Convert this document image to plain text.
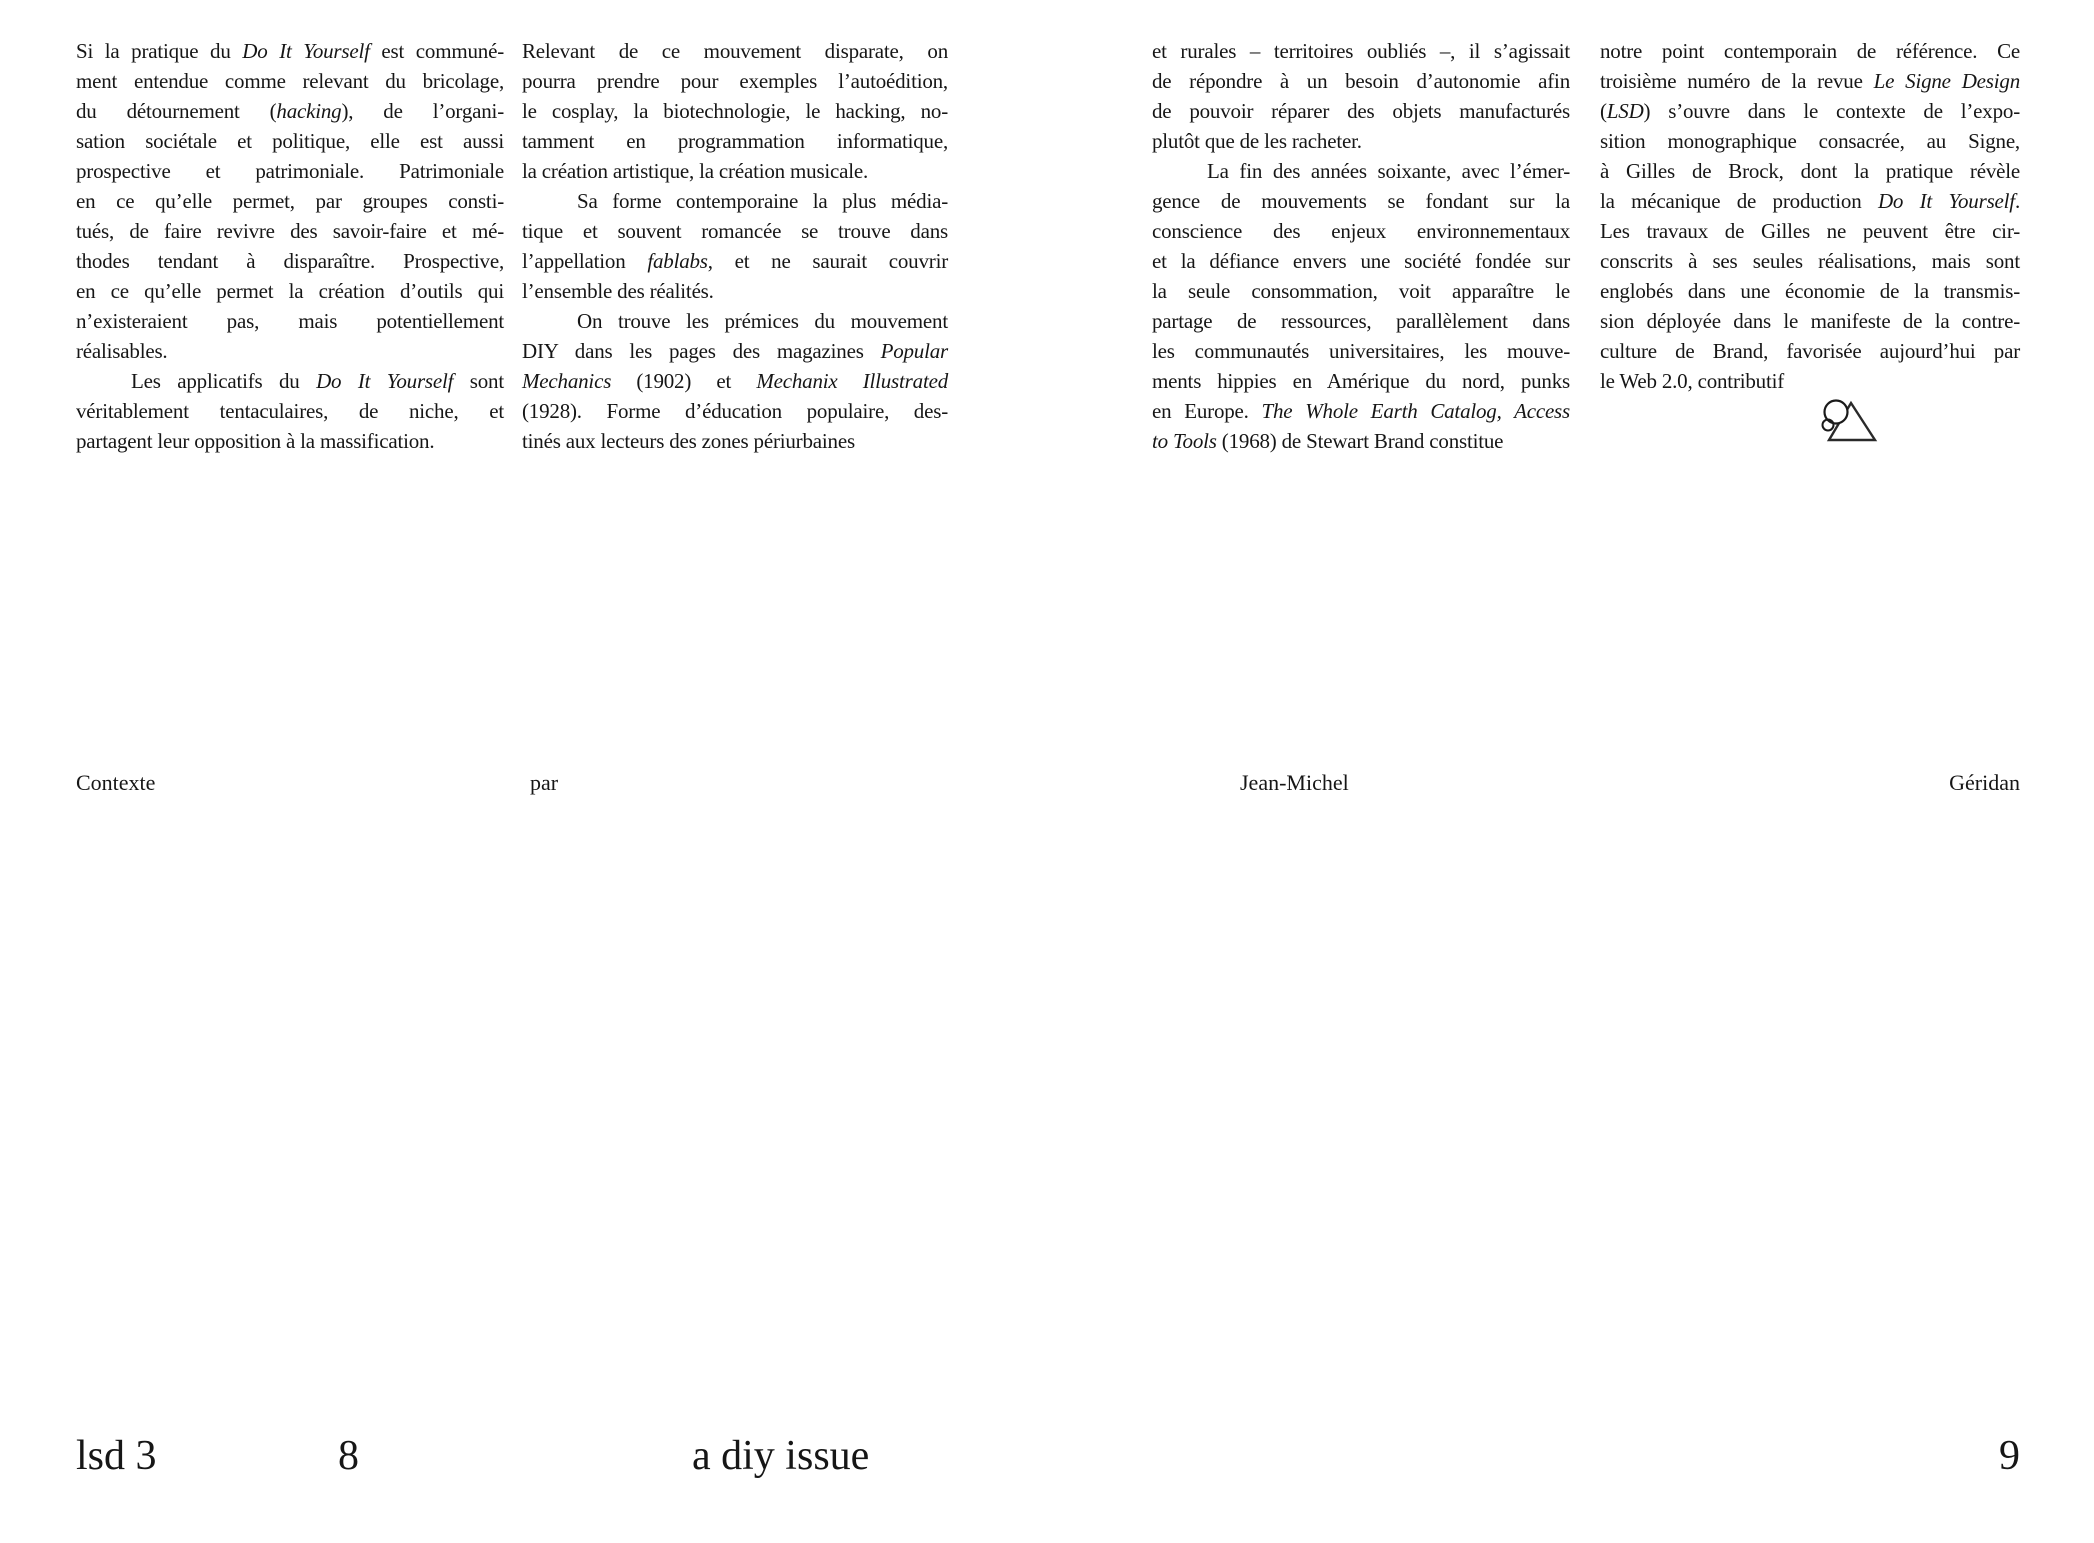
Si la pratique du Do It Yourself est communé-
ment entendue comme relevant du bricolage,
du détournement (hacking), de l’organi-
sation sociétale et politique, elle est aussi
prospective et patrimoniale. Patrimoniale
en ce qu’elle permet, par groupes consti-
tués, de faire revivre des savoir-faire et mé-
thodes tendant à disparaître. Prospective,
en ce qu’elle permet la création d’outils qui
n’existeraient pas, mais potentiellement
réalisables.
Les applicatifs du Do It Yourself sont
véritablement tentaculaires, de niche, et
partagent leur opposition à la massification.
Relevant de ce mouvement disparate, on
pourra prendre pour exemples l’autoédition,
le cosplay, la biotechnologie, le hacking, no-
tamment en programmation informatique,
la création artistique, la création musicale.
Sa forme contemporaine la plus média-
tique et souvent romancée se trouve dans
l’appellation fablabs, et ne saurait couvrir
l’ensemble des réalités.
On trouve les prémices du mouvement
DIY dans les pages des magazines Popular
Mechanics (1902) et Mechanix Illustrated
(1928). Forme d’éducation populaire, des-
tinés aux lecteurs des zones périurbaines
et rurales – territoires oubliés –, il s’agissait
de répondre à un besoin d’autonomie afin
de pouvoir réparer des objets manufacturés
plutôt que de les racheter.
La fin des années soixante, avec l’émer-
gence de mouvements se fondant sur la
conscience des enjeux environnementaux
et la défiance envers une société fondée sur
la seule consommation, voit apparaître le
partage de ressources, parallèlement dans
les communautés universitaires, les mouve-
ments hippies en Amérique du nord, punks
en Europe. The Whole Earth Catalog, Access
to Tools (1968) de Stewart Brand constitue
notre point contemporain de référence. Ce
troisième numéro de la revue Le Signe Design
(LSD) s’ouvre dans le contexte de l’expo-
sition monographique consacrée, au Signe,
à Gilles de Brock, dont la pratique révèle
la mécanique de production Do It Yourself.
Les travaux de Gilles ne peuvent être cir-
conscrits à ses seules réalisations, mais sont
englobés dans une économie de la transmis-
sion déployée dans le manifeste de la contre-
culture de Brand, favorisée aujourd’hui par
le Web 2.0, contributif
Contexte	par	Jean-Michel	Géridan
lsd 3	8	a diy issue	9
